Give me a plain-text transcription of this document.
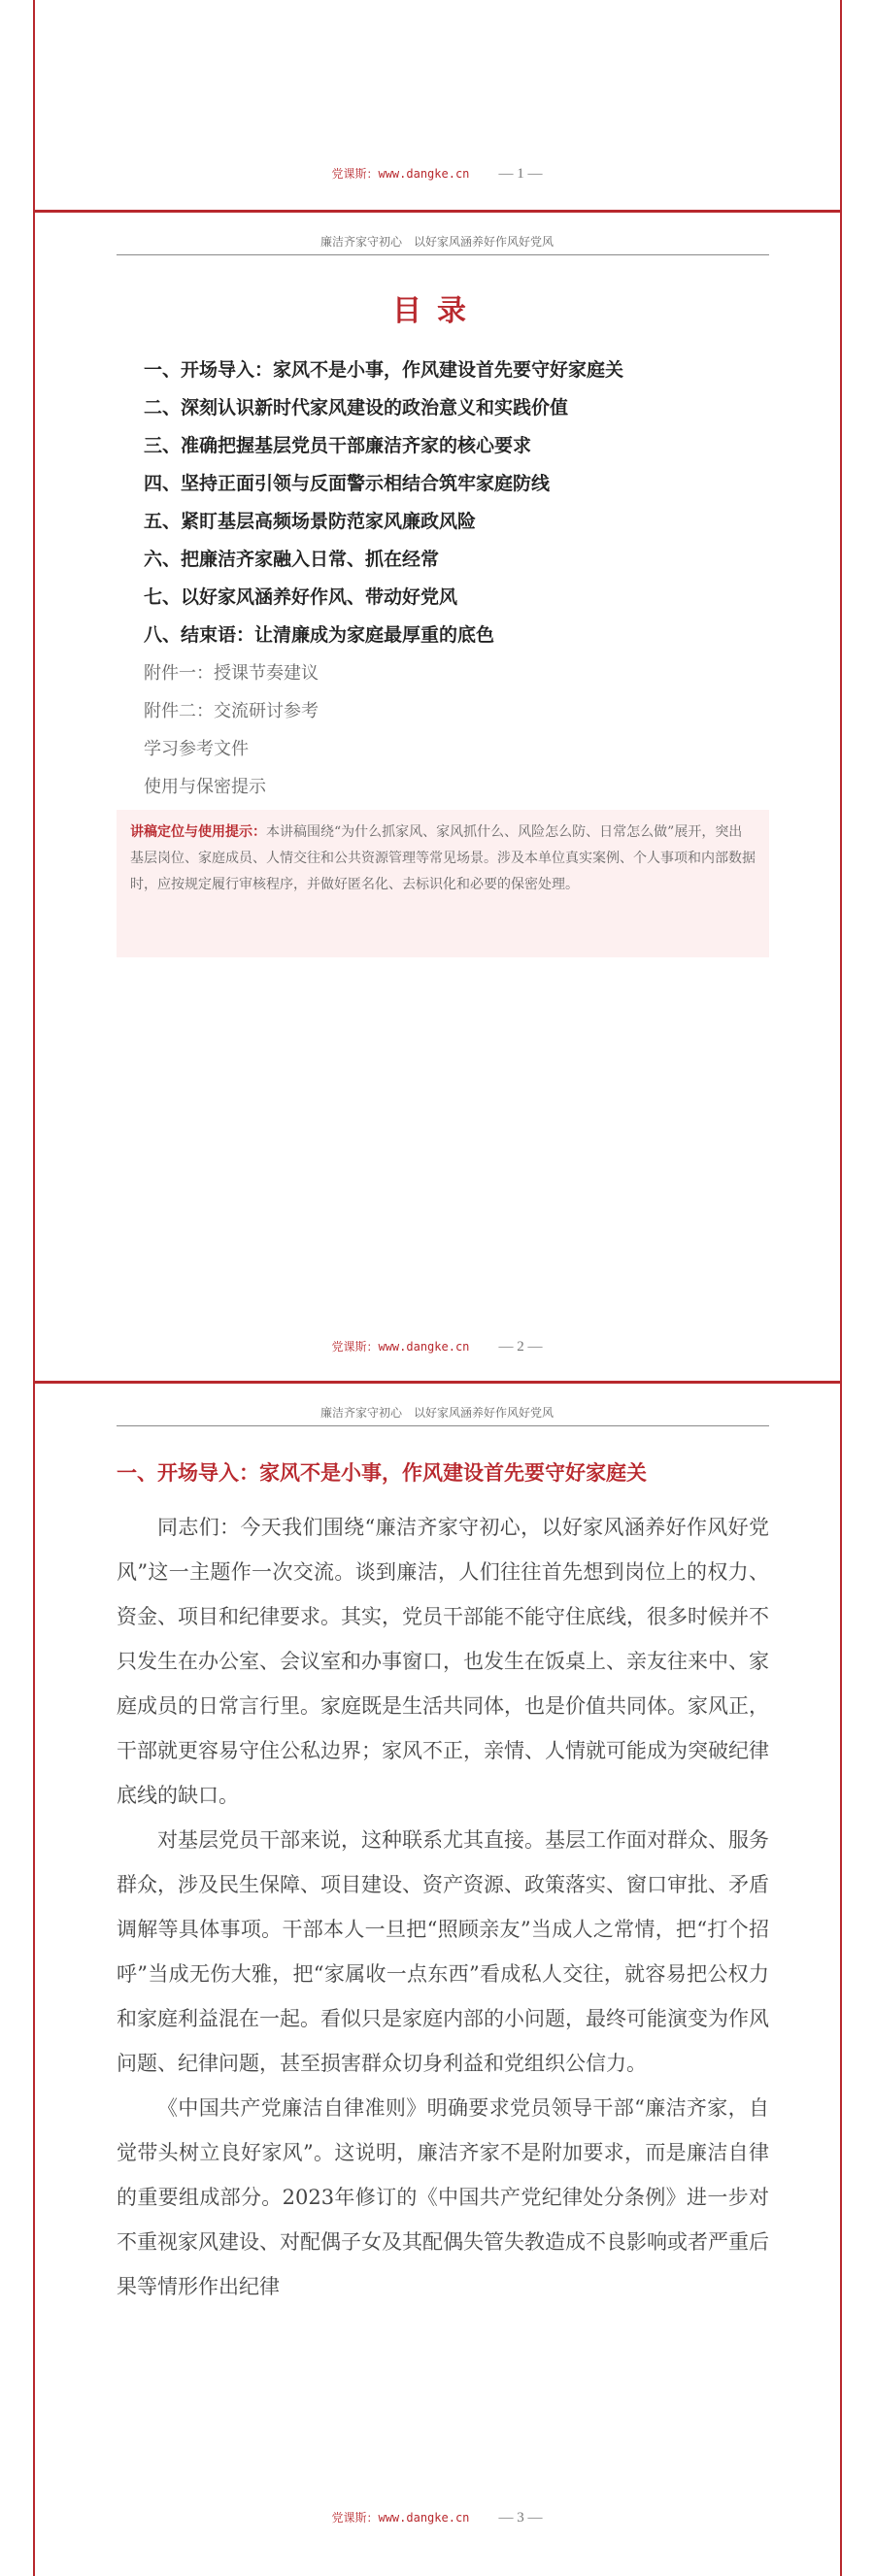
党课斯：www.dangke.cn — 1 —
廉洁齐家守初心　以好家风涵养好作风好党风
目录
一、开场导入：家风不是小事，作风建设首先要守好家庭关
二、深刻认识新时代家风建设的政治意义和实践价值
三、准确把握基层党员干部廉洁齐家的核心要求
四、坚持正面引领与反面警示相结合筑牢家庭防线
五、紧盯基层高频场景防范家风廉政风险
六、把廉洁齐家融入日常、抓在经常
七、以好家风涵养好作风、带动好党风
八、结束语：让清廉成为家庭最厚重的底色
附件一：授课节奏建议
附件二：交流研讨参考
学习参考文件
使用与保密提示
讲稿定位与使用提示：本讲稿围绕“为什么抓家风、家风抓什么、风险怎么防、日常怎么做”展开，突出基层岗位、家庭成员、人情交往和公共资源管理等常见场景。涉及本单位真实案例、个人事项和内部数据时，应按规定履行审核程序，并做好匿名化、去标识化和必要的保密处理。
党课斯：www.dangke.cn — 2 —
廉洁齐家守初心　以好家风涵养好作风好党风
一、开场导入：家风不是小事，作风建设首先要守好家庭关

同志们：今天我们围绕“廉洁齐家守初心，以好家风涵养好作风好党风”这一主题作一次交流。谈到廉洁，人们往往首先想到岗位上的权力、资金、项目和纪律要求。其实，党员干部能不能守住底线，很多时候并不只发生在办公室、会议室和办事窗口，也发生在饭桌上、亲友往来中、家庭成员的日常言行里。家庭既是生活共同体，也是价值共同体。家风正，干部就更容易守住公私边界；家风不正，亲情、人情就可能成为突破纪律底线的缺口。

对基层党员干部来说，这种联系尤其直接。基层工作面对群众、服务群众，涉及民生保障、项目建设、资产资源、政策落实、窗口审批、矛盾调解等具体事项。干部本人一旦把“照顾亲友”当成人之常情，把“打个招呼”当成无伤大雅，把“家属收一点东西”看成私人交往，就容易把公权力和家庭利益混在一起。看似只是家庭内部的小问题，最终可能演变为作风问题、纪律问题，甚至损害群众切身利益和党组织公信力。

《中国共产党廉洁自律准则》明确要求党员领导干部“廉洁齐家，自觉带头树立良好家风”。这说明，廉洁齐家不是附加要求，而是廉洁自律的重要组成部分。2023年修订的《中国共产党纪律处分条例》进一步对不重视家风建设、对配偶子女及其配偶失管失教造成不良影响或者严重后果等情形作出纪律

党课斯：www.dangke.cn — 3 —
